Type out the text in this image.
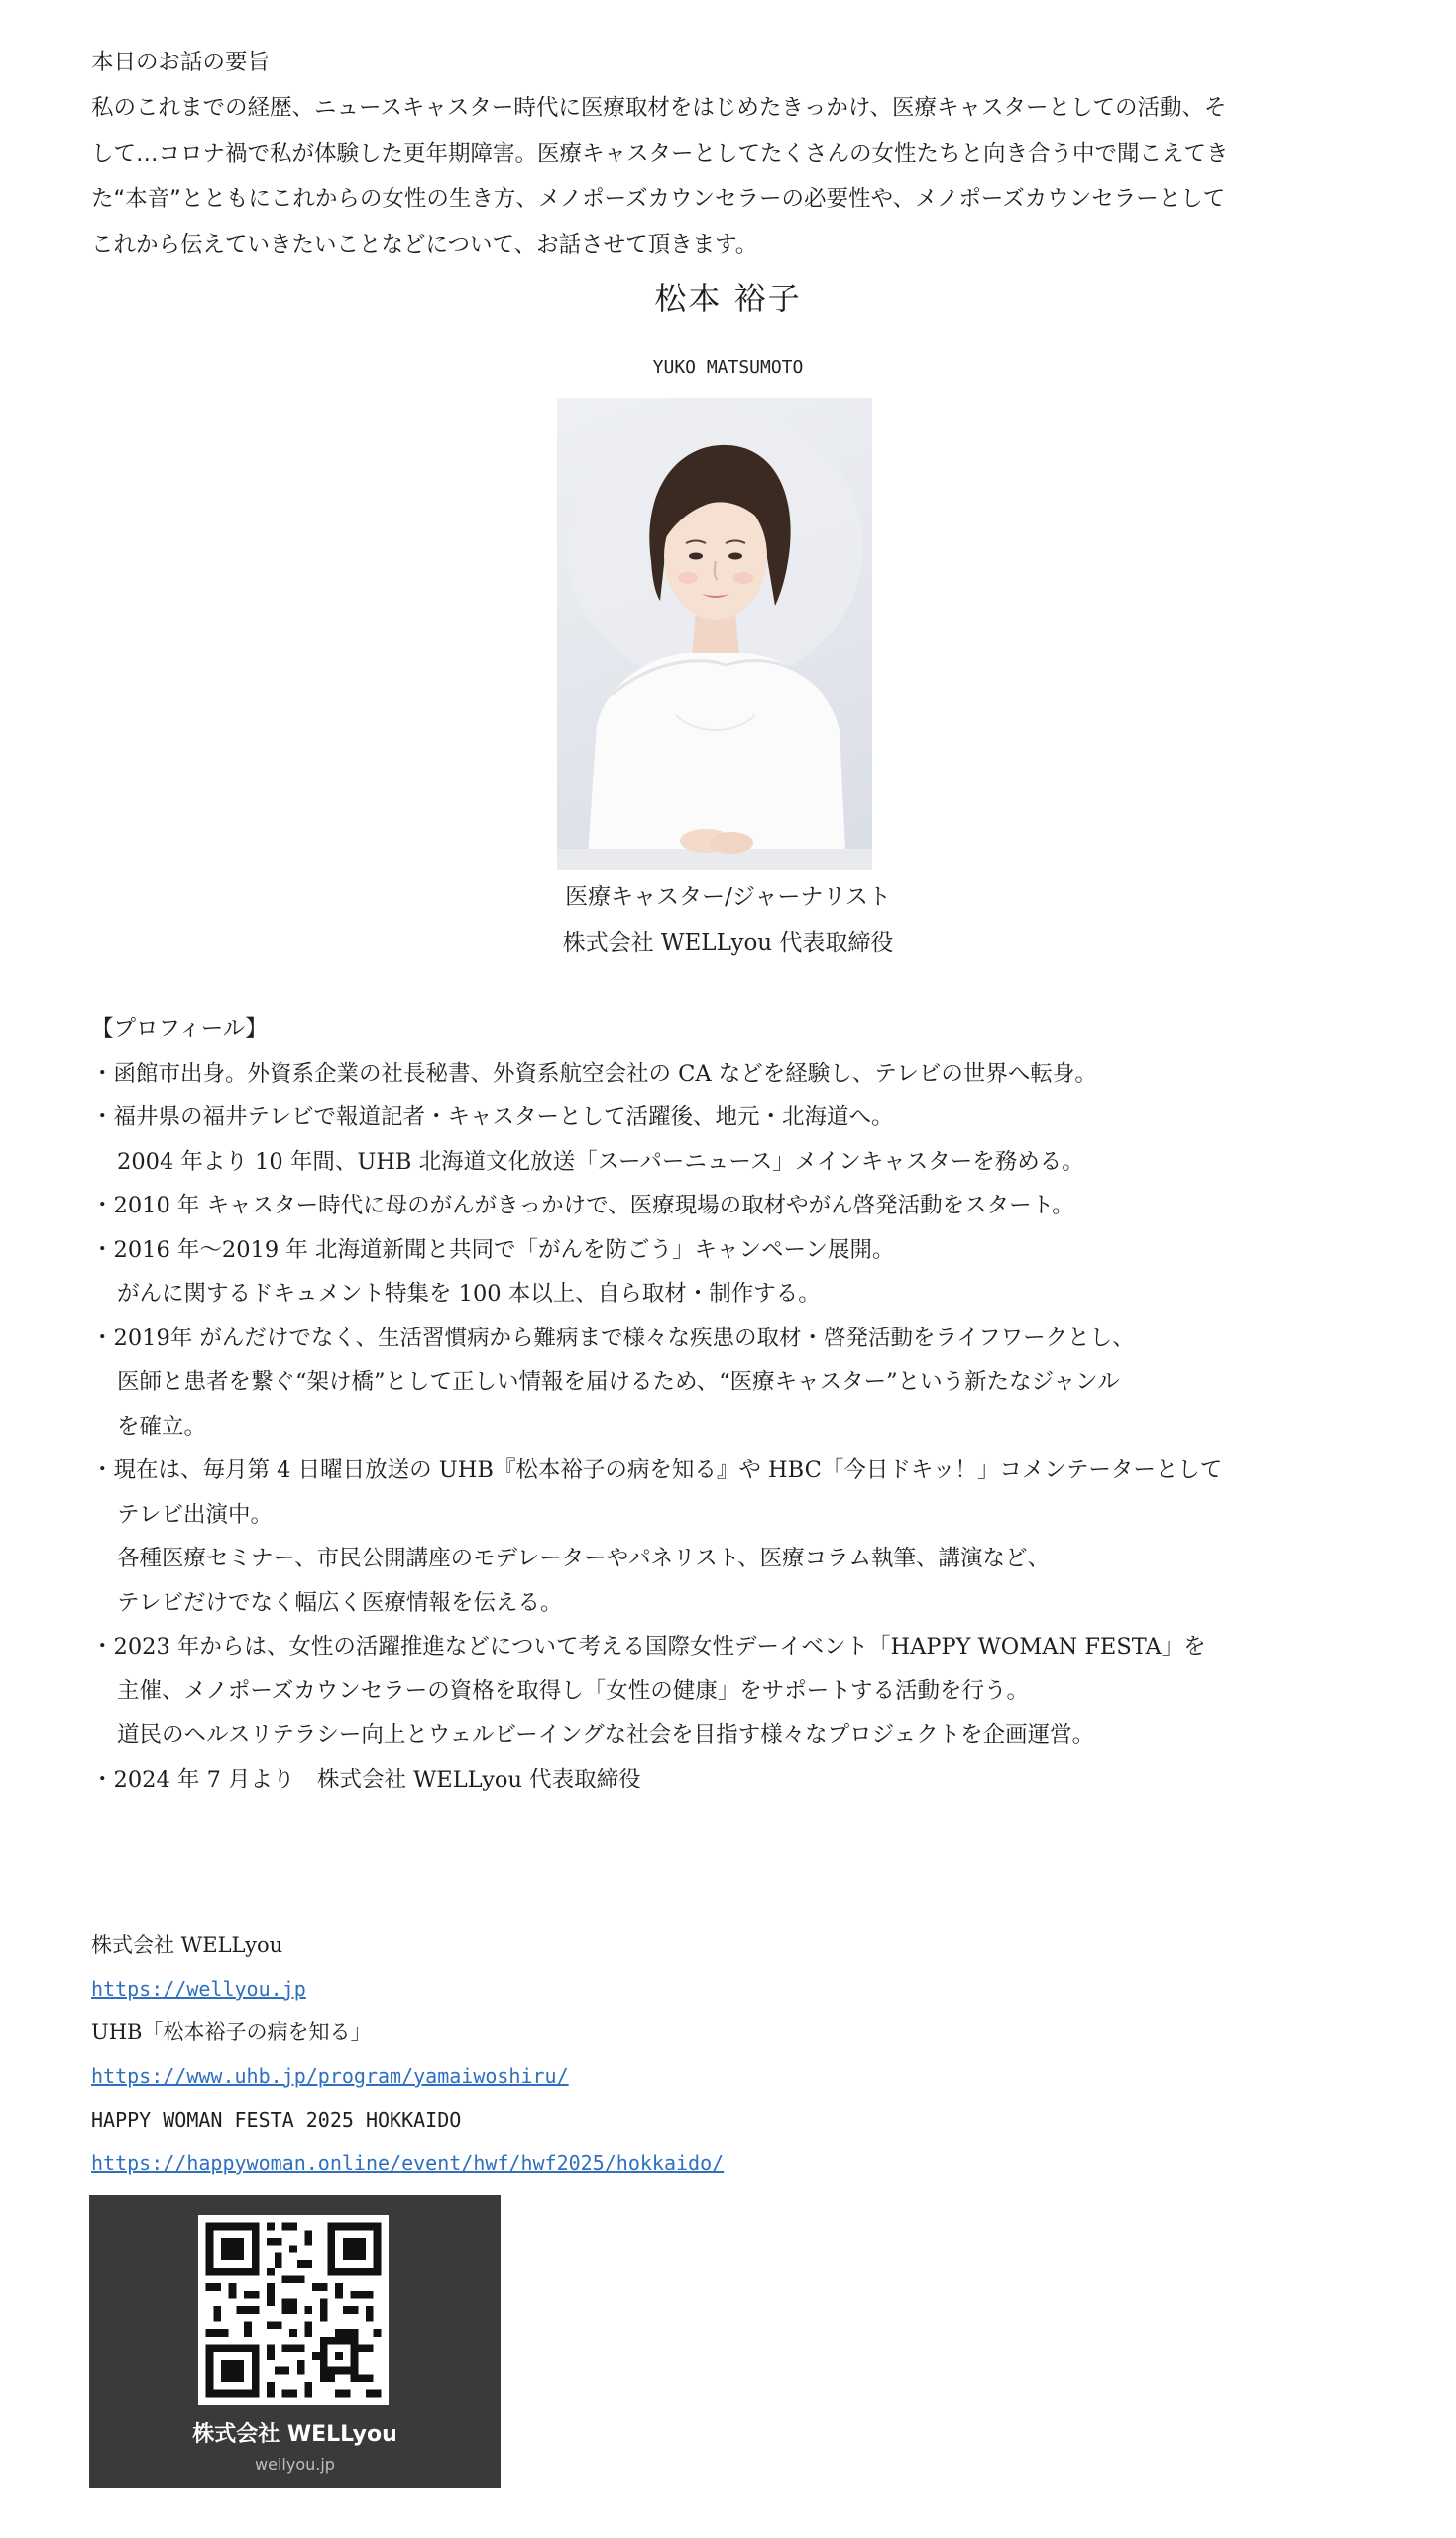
本日のお話の要旨
私のこれまでの経歴、ニュースキャスター時代に医療取材をはじめたきっかけ、医療キャスターとしての活動、そ
して…コロナ禍で私が体験した更年期障害。医療キャスターとしてたくさんの女性たちと向き合う中で聞こえてき
た“本音”とともにこれからの女性の生き方、メノポーズカウンセラーの必要性や、メノポーズカウンセラーとして
これから伝えていきたいことなどについて、お話させて頂きます。
松本 裕子
YUKO MATSUMOTO
医療キャスター/ジャーナリスト
株式会社 WELLyou 代表取締役
【プロフィール】
・函館市出身。外資系企業の社長秘書、外資系航空会社の CA などを経験し、テレビの世界へ転身。
・福井県の福井テレビで報道記者・キャスターとして活躍後、地元・北海道へ。
2004 年より 10 年間、UHB 北海道文化放送「スーパーニュース」メインキャスターを務める。
・2010 年 キャスター時代に母のがんがきっかけで、医療現場の取材やがん啓発活動をスタート。
・2016 年～2019 年 北海道新聞と共同で「がんを防ごう」キャンペーン展開。
がんに関するドキュメント特集を 100 本以上、自ら取材・制作する。
・2019年 がんだけでなく、生活習慣病から難病まで様々な疾患の取材・啓発活動をライフワークとし、
医師と患者を繋ぐ“架け橋”として正しい情報を届けるため、“医療キャスター”という新たなジャンル
を確立。
・現在は、毎月第 4 日曜日放送の UHB『松本裕子の病を知る』や HBC「今日ドキッ！」コメンテーターとして
テレビ出演中。
各種医療セミナー、市民公開講座のモデレーターやパネリスト、医療コラム執筆、講演など、
テレビだけでなく幅広く医療情報を伝える。
・2023 年からは、女性の活躍推進などについて考える国際女性デーイベント「HAPPY WOMAN FESTA」を
主催、メノポーズカウンセラーの資格を取得し「女性の健康」をサポートする活動を行う。
道民のヘルスリテラシー向上とウェルビーイングな社会を目指す様々なプロジェクトを企画運営。
・2024 年 7 月より　株式会社 WELLyou 代表取締役
株式会社 WELLyou
https://wellyou.jp
UHB「松本裕子の病を知る」
https://www.uhb.jp/program/yamaiwoshiru/
HAPPY WOMAN FESTA 2025 HOKKAIDO
https://happywoman.online/event/hwf/hwf2025/hokkaido/
株式会社 WELLyou
wellyou.jp
